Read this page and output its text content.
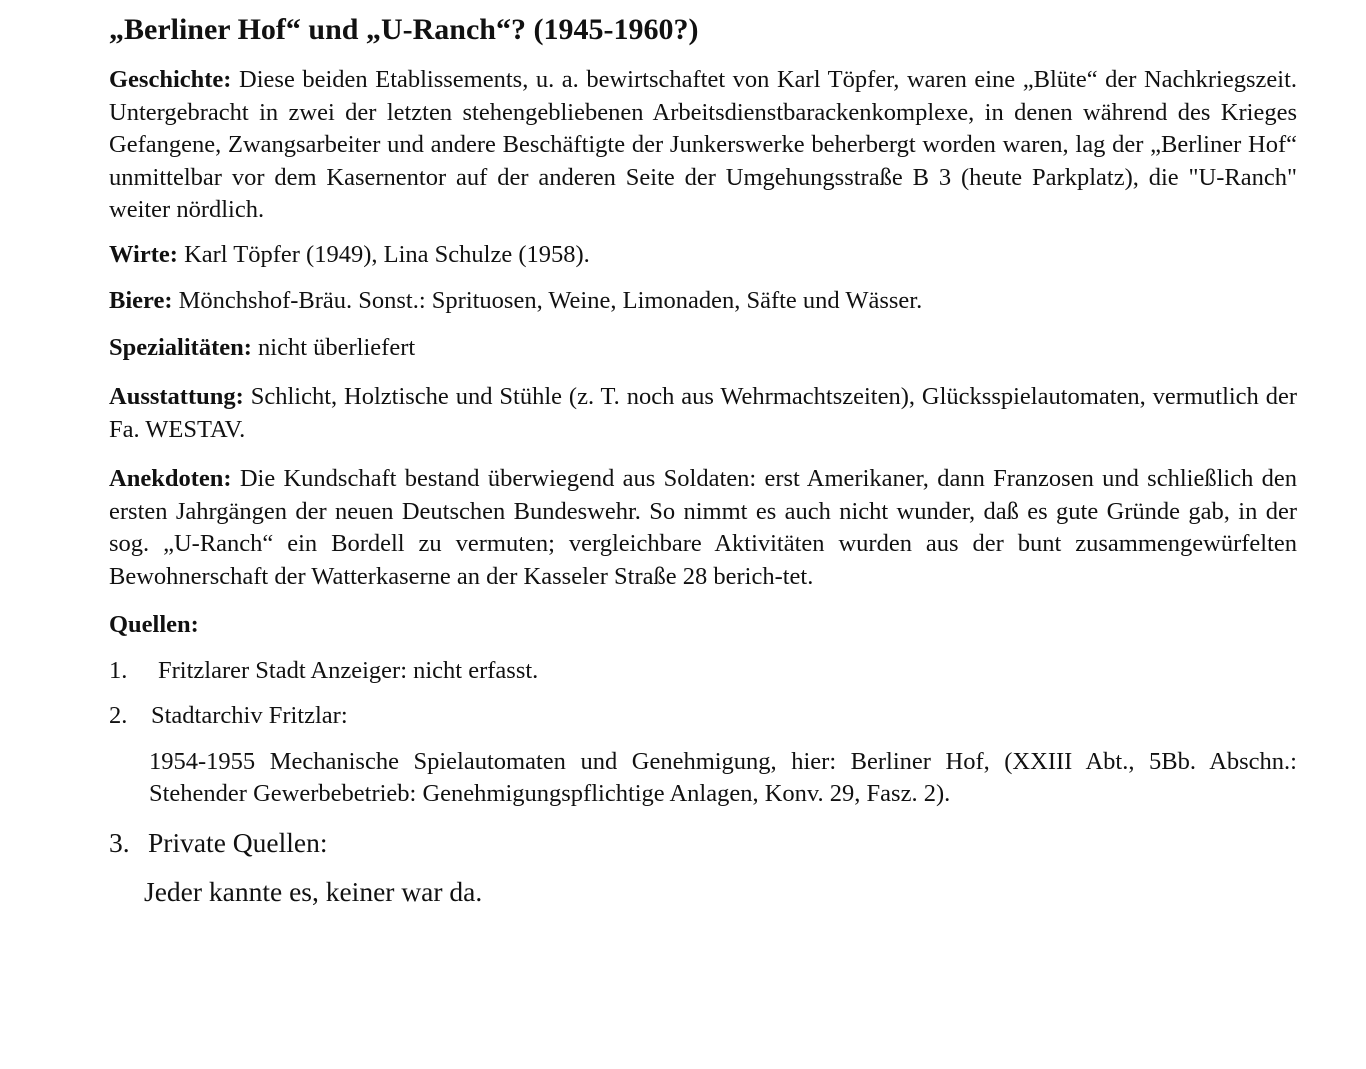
„Berliner Hof“ und „U-Ranch“? (1945-1960?)

Geschichte: Diese beiden Etablissements, u. a. bewirtschaftet von Karl Töpfer, waren eine „Blüte“ der Nachkriegszeit. Untergebracht in zwei der letzten stehengebliebenen Arbeitsdienstbarackenkomplexe, in denen während des Krieges Gefangene, Zwangsarbeiter und andere Beschäftigte der Junkerswerke beherbergt worden waren, lag der „Berliner Hof“ unmittelbar vor dem Kasernentor auf der anderen Seite der Umgehungsstraße B 3 (heute Parkplatz), die "U-Ranch" weiter nördlich.

Wirte: Karl Töpfer (1949), Lina Schulze (1958).

Biere: Mönchshof-Bräu. Sonst.: Sprituosen, Weine, Limonaden, Säfte und Wässer.

Spezialitäten: nicht überliefert

Ausstattung: Schlicht, Holztische und Stühle (z. T. noch aus Wehrmachtszeiten), Glücksspielautomaten, vermutlich der Fa. WESTAV.

Anekdoten: Die Kundschaft bestand überwiegend aus Soldaten: erst Amerikaner, dann Franzosen und schließlich den ersten Jahrgängen der neuen Deutschen Bundeswehr. So nimmt es auch nicht wunder, daß es gute Gründe gab, in der sog. „U-Ranch“ ein Bordell zu vermuten; vergleichbare Aktivitäten wurden aus der bunt zusammengewürfelten Bewohnerschaft der Watterkaserne an der Kasseler Straße 28 berich-tet.

Quellen:

1. Fritzlarer Stadt Anzeiger: nicht erfasst.

2. Stadtarchiv Fritzlar:

1954-1955 Mechanische Spielautomaten und Genehmigung, hier: Berliner Hof, (XXIII Abt., 5Bb. Abschn.: Stehender Gewerbebetrieb: Genehmigungspflichtige Anlagen, Konv. 29, Fasz. 2).

3. Private Quellen:

Jeder kannte es, keiner war da.
